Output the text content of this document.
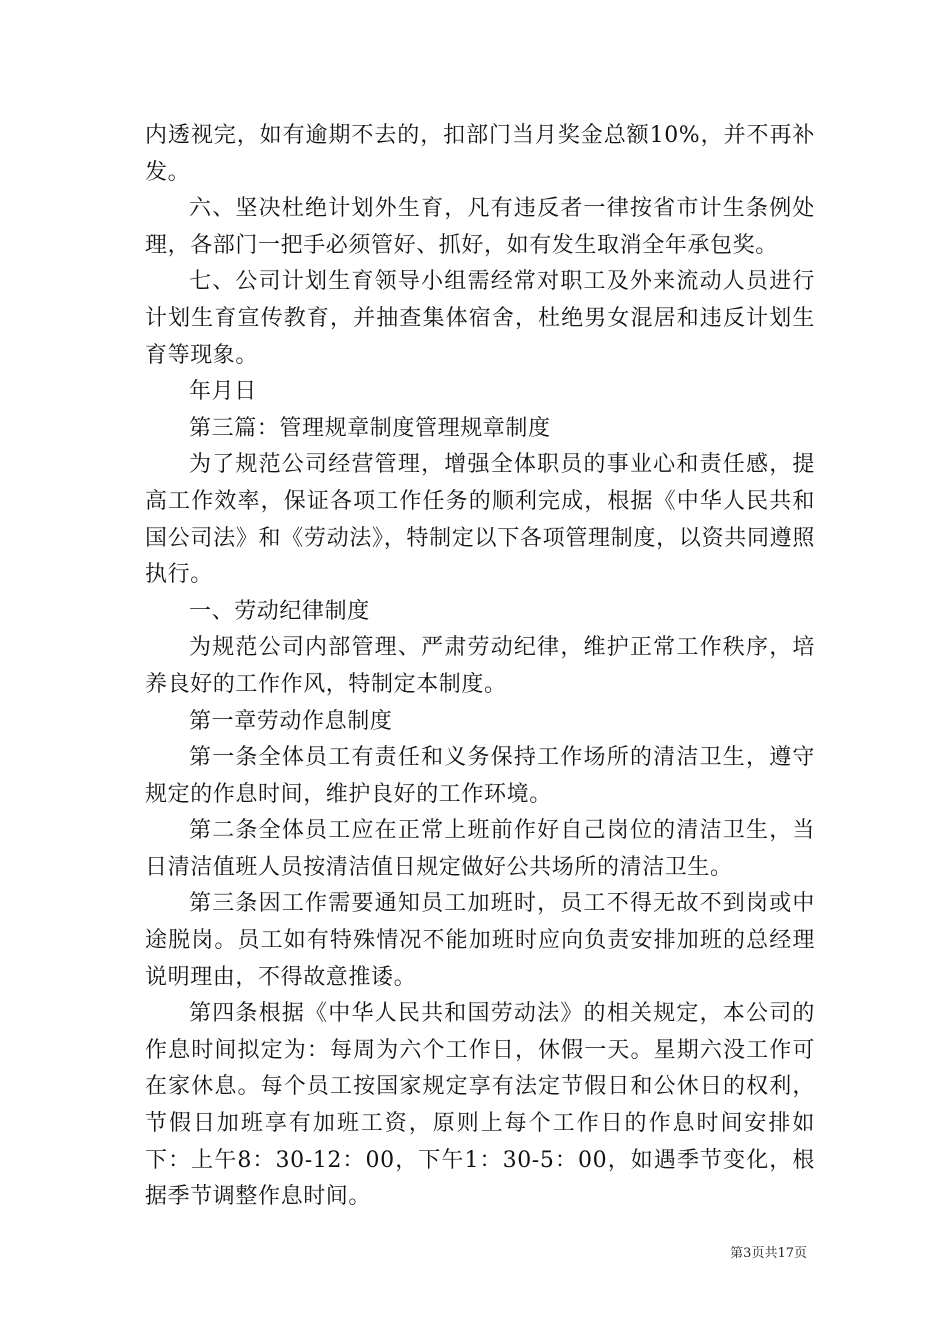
内透视完，如有逾期不去的，扣部门当月奖金总额10%，并不再补发。

六、坚决杜绝计划外生育，凡有违反者一律按省市计生条例处理，各部门一把手必须管好、抓好，如有发生取消全年承包奖。

七、公司计划生育领导小组需经常对职工及外来流动人员进行计划生育宣传教育，并抽查集体宿舍，杜绝男女混居和违反计划生育等现象。

年月日

第三篇：管理规章制度管理规章制度

为了规范公司经营管理，增强全体职员的事业心和责任感，提高工作效率，保证各项工作任务的顺利完成，根据《中华人民共和国公司法》和《劳动法》，特制定以下各项管理制度，以资共同遵照执行。

一、劳动纪律制度

为规范公司内部管理、严肃劳动纪律，维护正常工作秩序，培养良好的工作作风，特制定本制度。

第一章劳动作息制度

第一条全体员工有责任和义务保持工作场所的清洁卫生，遵守规定的作息时间，维护良好的工作环境。

第二条全体员工应在正常上班前作好自己岗位的清洁卫生，当日清洁值班人员按清洁值日规定做好公共场所的清洁卫生。

第三条因工作需要通知员工加班时，员工不得无故不到岗或中途脱岗。员工如有特殊情况不能加班时应向负责安排加班的总经理说明理由，不得故意推诿。

第四条根据《中华人民共和国劳动法》的相关规定，本公司的作息时间拟定为：每周为六个工作日，休假一天。星期六没工作可在家休息。每个员工按国家规定享有法定节假日和公休日的权利，节假日加班享有加班工资，原则上每个工作日的作息时间安排如下：上午8：30-12：00，下午1：30-5：00，如遇季节变化，根据季节调整作息时间。

第3页共17页
